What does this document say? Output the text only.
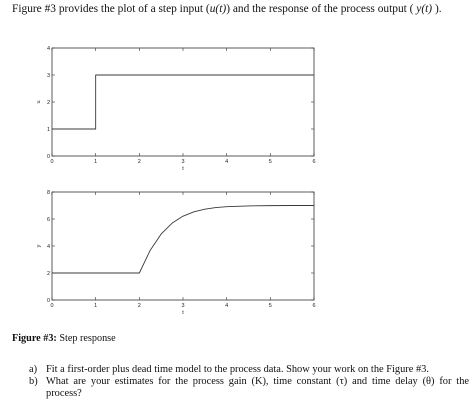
Figure #3 provides the plot of a step input (u(t)) and the response of the process output ( y(t) ).
0	1	2	3	4	5	6
0
1
2
3
4
t
u
0	1	2	3	4	5	6
0
2
4
6
8
t
y
Figure #3: Step response
a) Fit a first-order plus dead time model to the process data. Show your work on the Figure #3.
b) What are your estimates for the process gain (K), time constant (τ) and time delay (θ) for the process?
